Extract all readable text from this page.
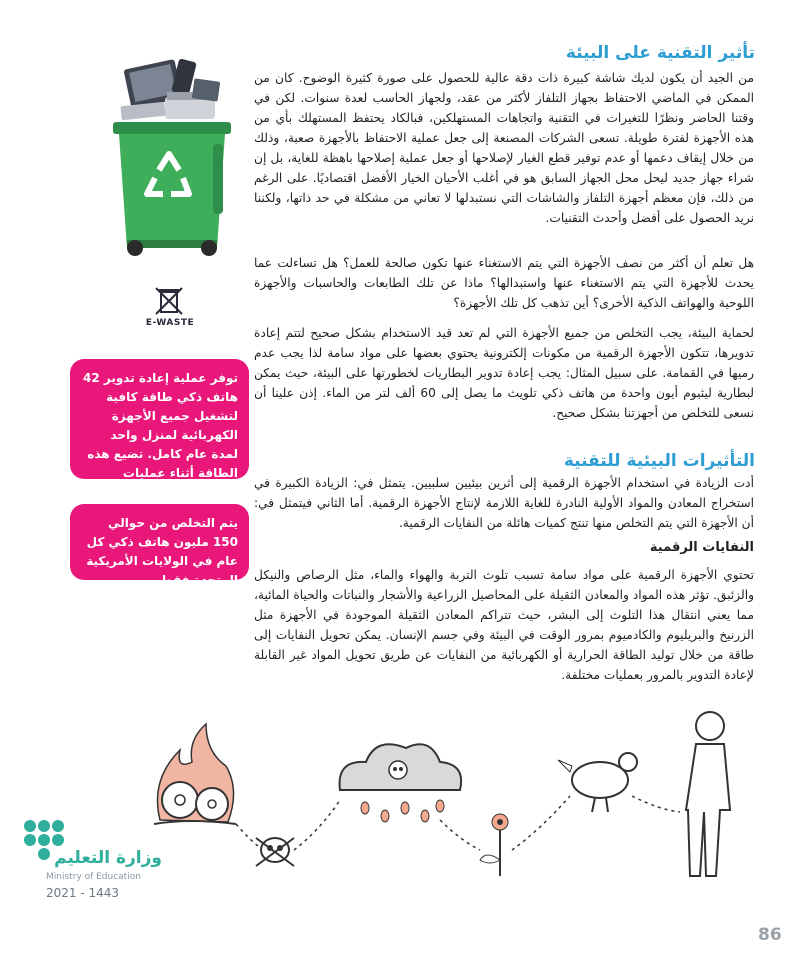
تأثير التقنية على البيئة
E-WASTE

من الجيد أن يكون لديك شاشة كبيرة ذات دقة عالية للحصول على صورة كثيرة الوضوح. كان من الممكن في الماضي الاحتفاظ بجهاز التلفاز لأكثر من عقد، ولجهاز الحاسب لعدة سنوات. لكن في وقتنا الحاضر ونظرًا للتغيرات في التقنية واتجاهات المستهلكين، فبالكاد يحتفظ المستهلك بأي من هذه الأجهزة لفترة طويلة. تسعى الشركات المصنعة إلى جعل عملية الاحتفاظ بالأجهزة صعبة، وذلك من خلال إيقاف دعمها أو عدم توفير قطع الغيار لإصلاحها أو جعل عملية إصلاحها باهظة للغاية، بل إن شراء جهاز جديد ليحل محل الجهاز السابق هو في أغلب الأحيان الخيار الأفضل اقتصاديًا. على الرغم من ذلك، فإن معظم أجهزة التلفاز والشاشات التي نستبدلها لا تعاني من مشكلة في حد ذاتها، ولكننا نريد الحصول على أفضل وأحدث التقنيات.

هل تعلم أن أكثر من نصف الأجهزة التي يتم الاستغناء عنها تكون صالحة للعمل؟ هل تساءلت عما يحدث للأجهزة التي يتم الاستغناء عنها واستبدالها؟ ماذا عن تلك الطابعات والحاسبات والأجهزة اللوحية والهواتف الذكية الأخرى؟ أين تذهب كل تلك الأجهزة؟

لحماية البيئة، يجب التخلص من جميع الأجهزة التي لم تعد قيد الاستخدام بشكل صحيح لتتم إعادة تدويرها، تتكون الأجهزة الرقمية من مكونات إلكترونية يحتوي بعضها على مواد سامة لذا يجب عدم رميها في القمامة. على سبيل المثال: يجب إعادة تدوير البطاريات لخطورتها على البيئة، حيث يمكن لبطارية ليثيوم أيون واحدة من هاتف ذكي تلويث ما يصل إلى 60 ألف لتر من الماء. إذن علينا أن نسعى للتخلص من أجهزتنا بشكل صحيح.

توفر عملية إعادة تدوير 42 هاتف ذكي طاقة كافية لتشغيل جميع الأجهزة الكهربائية لمنزل واحد لمدة عام كامل. تضيع هذه الطاقة أثناء عمليات التعدين والتصنيع للأجهزة.
يتم التخلص من حوالي 150 مليون هاتف ذكي كل عام في الولايات الأمريكية المتحدة فقط.
التأثيرات البيئية للتقنية

أدت الزيادة في استخدام الأجهزة الرقمية إلى أثرين بيئيين سلبيين. يتمثل في: الزيادة الكبيرة في استخراج المعادن والمواد الأولية النادرة للغاية اللازمة لإنتاج الأجهزة الرقمية. أما الثاني فيتمثل في: أن الأجهزة التي يتم التخلص منها تنتج كميات هائلة من النفايات الرقمية.

النفايات الرقمية

تحتوي الأجهزة الرقمية على مواد سامة تسبب تلوث التربة والهواء والماء، مثل الرصاص والنيكل والزئبق. تؤثر هذه المواد والمعادن الثقيلة على المحاصيل الزراعية والأشجار والنباتات والحياة المائية، مما يعني انتقال هذا التلوث إلى البشر، حيث تتراكم المعادن الثقيلة الموجودة في الأجهزة مثل الزرنيخ والبريليوم والكادميوم بمرور الوقت في البيئة وفي جسم الإنسان. يمكن تحويل النفايات إلى طاقة من خلال توليد الطاقة الحرارية أو الكهربائية من النفايات عن طريق تحويل المواد غير القابلة لإعادة التدوير بالمرور بعمليات مختلفة.

وزارة التعليم
Ministry of Education
2021 - 1443
86
